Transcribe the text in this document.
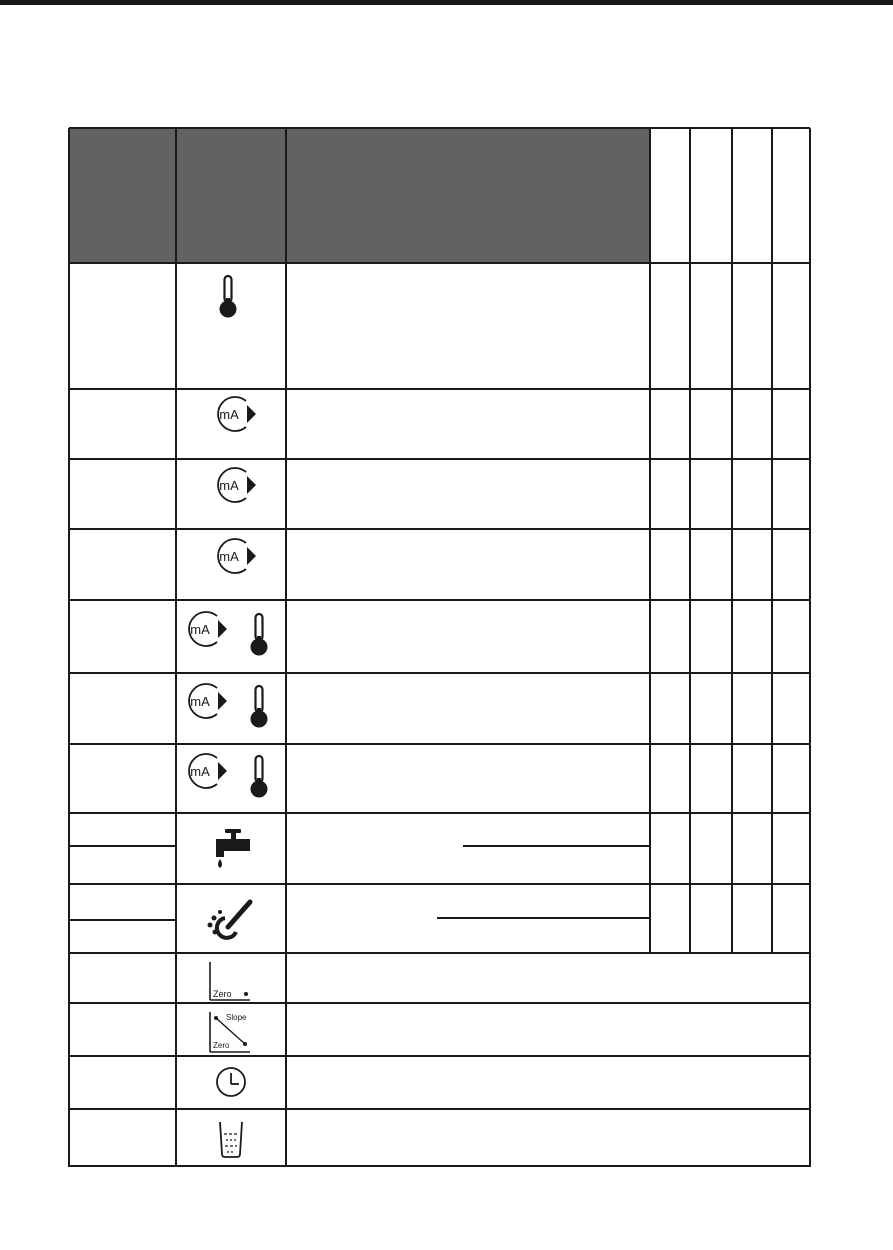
mA
mA
mA
mA
mA
mA
Zero
Slope
Zero
